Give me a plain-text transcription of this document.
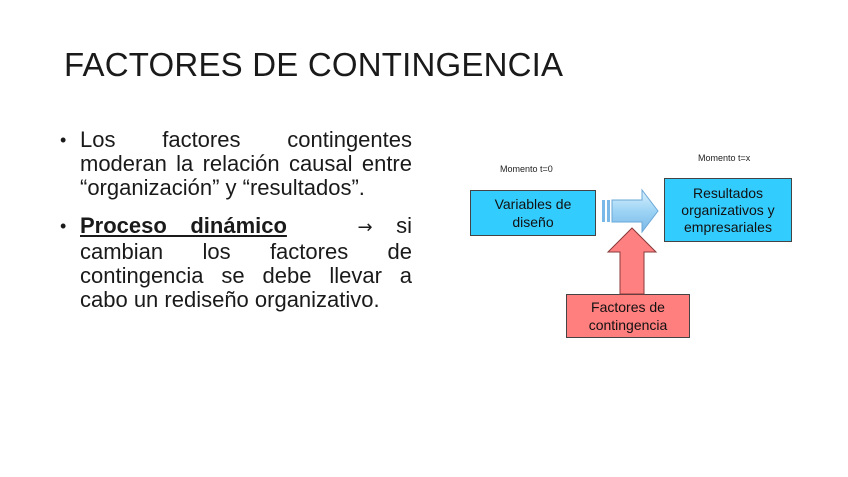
FACTORES DE CONTINGENCIA
• Los factores contingentes moderan la relación causal entre “organización” y “resultados”.
• Proceso dinámico	→ si cambian los factores de contingencia se debe llevar a cabo un rediseño organizativo.
Momento t=0
Momento t=x
Variables de
diseño
Resultados
organizativos y
empresariales
Factores de
contingencia
